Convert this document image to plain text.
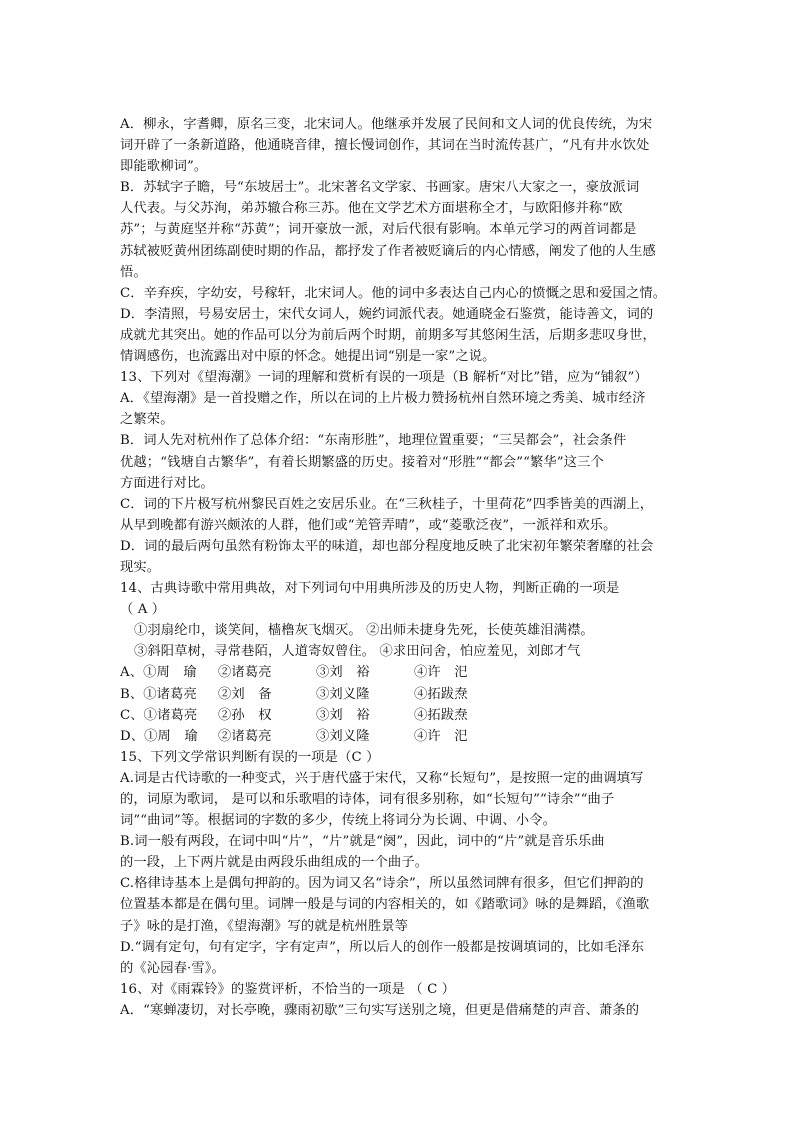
A．柳永，字耆卿，原名三变，北宋词人。他继承并发展了民间和文人词的优良传统，为宋
词开辟了一条新道路，他通晓音律，擅长慢词创作，其词在当时流传甚广，“凡有井水饮处
即能歌柳词”。
B．苏轼字子瞻，号“东坡居士”。北宋著名文学家、书画家。唐宋八大家之一，豪放派词
人代表。与父苏洵，弟苏辙合称三苏。他在文学艺术方面堪称全才，与欧阳修并称“欧
苏”；与黄庭坚并称“苏黄”；词开豪放一派，对后代很有影响。本单元学习的两首词都是
苏轼被贬黄州团练副使时期的作品，都抒发了作者被贬谪后的内心情感，阐发了他的人生感
悟。
C．辛弃疾，字幼安，号稼轩，北宋词人。他的词中多表达自己内心的愤慨之思和爱国之情。
D．李清照，号易安居士，宋代女词人，婉约词派代表。她通晓金石鉴赏，能诗善文，词的
成就尤其突出。她的作品可以分为前后两个时期，前期多写其悠闲生活，后期多悲叹身世，
情调感伤，也流露出对中原的怀念。她提出词“别是一家”之说。
13、下列对《望海潮》一词的理解和赏析有误的一项是（B 解析“对比”错，应为“铺叙”）
A．《望海潮》是一首投赠之作，所以在词的上片极力赞扬杭州自然环境之秀美、城市经济
之繁荣。
B．词人先对杭州作了总体介绍：“东南形胜”，地理位置重要；“三吴都会”，社会条件
优越；“钱塘自古繁华”，有着长期繁盛的历史。接着对“形胜”“都会”“繁华”这三个
方面进行对比。
C．词的下片极写杭州黎民百姓之安居乐业。在“三秋桂子，十里荷花”四季皆美的西湖上，
从早到晚都有游兴颇浓的人群，他们或“羌管弄晴”，或“菱歌泛夜”，一派祥和欢乐。
D．词的最后两句虽然有粉饰太平的味道，却也部分程度地反映了北宋初年繁荣奢靡的社会
现实。
14、古典诗歌中常用典故，对下列词句中用典所涉及的历史人物，判断正确的一项是
（ A ）
①羽扇纶巾，谈笑间，樯橹灰飞烟灭。 ②出师未捷身先死，长使英雄泪满襟。
③斜阳草树，寻常巷陌，人道寄奴曾住。 ④求田问舍，怕应羞见，刘郎才气
A、①周　瑜	②诸葛亮	③刘　裕	④许　汜
B、①诸葛亮	②刘　备	③刘义隆	④拓跋焘
C、①诸葛亮	②孙　权	③刘　裕	④拓跋焘
D、①周　瑜	②诸葛亮	③刘义隆	④许　汜
15、下列文学常识判断有误的一项是（C ）
A.词是古代诗歌的一种变式，兴于唐代盛于宋代，又称“长短句”，是按照一定的曲调填写
的，词原为歌词， 是可以和乐歌唱的诗体，词有很多别称，如“长短句”“诗余”“曲子
词”“曲词”等。根据词的字数的多少，传统上将词分为长调、中调、小令。
B.词一般有两段，在词中叫“片”，“片”就是“阕”，因此，词中的“片”就是音乐乐曲
的一段，上下两片就是由两段乐曲组成的一个曲子。
C.格律诗基本上是偶句押韵的。因为词又名“诗余”，所以虽然词牌有很多，但它们押韵的
位置基本都是在偶句里。词牌一般是与词的内容相关的，如《踏歌词》咏的是舞蹈，《渔歌
子》咏的是打渔，《望海潮》写的就是杭州胜景等
D.“调有定句，句有定字，字有定声”，所以后人的创作一般都是按调填词的，比如毛泽东
的《沁园春·雪》。
16、对《雨霖铃》的鉴赏评析，不恰当的一项是 （ C ）
A．“寒蝉凄切，对长亭晚，骤雨初歇”三句实写送别之境，但更是借痛楚的声音、萧条的
